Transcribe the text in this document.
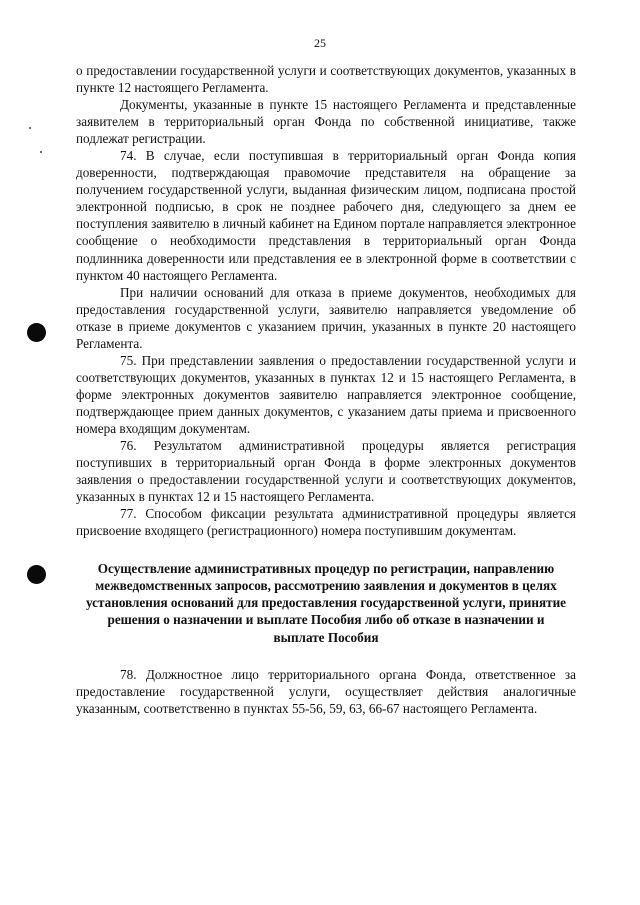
25

о предоставлении государственной услуги и соответствующих документов, указанных в пункте 12 настоящего Регламента.

Документы, указанные в пункте 15 настоящего Регламента и представленные заявителем в территориальный орган Фонда по собственной инициативе, также подлежат регистрации.

74. В случае, если поступившая в территориальный орган Фонда копия доверенности, подтверждающая правомочие представителя на обращение за получением государственной услуги, выданная физическим лицом, подписана простой электронной подписью, в срок не позднее рабочего дня, следующего за днем ее поступления заявителю в личный кабинет на Едином портале направляется электронное сообщение о необходимости представления в территориальный орган Фонда подлинника доверенности или представления ее в электронной форме в соответствии с пунктом 40 настоящего Регламента.

При наличии оснований для отказа в приеме документов, необходимых для предоставления государственной услуги, заявителю направляется уведомление об отказе в приеме документов с указанием причин, указанных в пункте 20 настоящего Регламента.

75. При представлении заявления о предоставлении государственной услуги и соответствующих документов, указанных в пунктах 12 и 15 настоящего Регламента, в форме электронных документов заявителю направляется электронное сообщение, подтверждающее прием данных документов, с указанием даты приема и присвоенного номера входящим документам.

76. Результатом административной процедуры является регистрация поступивших в территориальный орган Фонда в форме электронных документов заявления о предоставлении государственной услуги и соответствующих документов, указанных в пунктах 12 и 15 настоящего Регламента.

77. Способом фиксации результата административной процедуры является присвоение входящего (регистрационного) номера поступившим документам.

Осуществление административных процедур по регистрации, направлению межведомственных запросов, рассмотрению заявления и документов в целях установления оснований для предоставления государственной услуги, принятие решения о назначении и выплате Пособия либо об отказе в назначении и выплате Пособия

78. Должностное лицо территориального органа Фонда, ответственное за предоставление государственной услуги, осуществляет действия аналогичные указанным, соответственно в пунктах 55-56, 59, 63, 66-67 настоящего Регламента.
